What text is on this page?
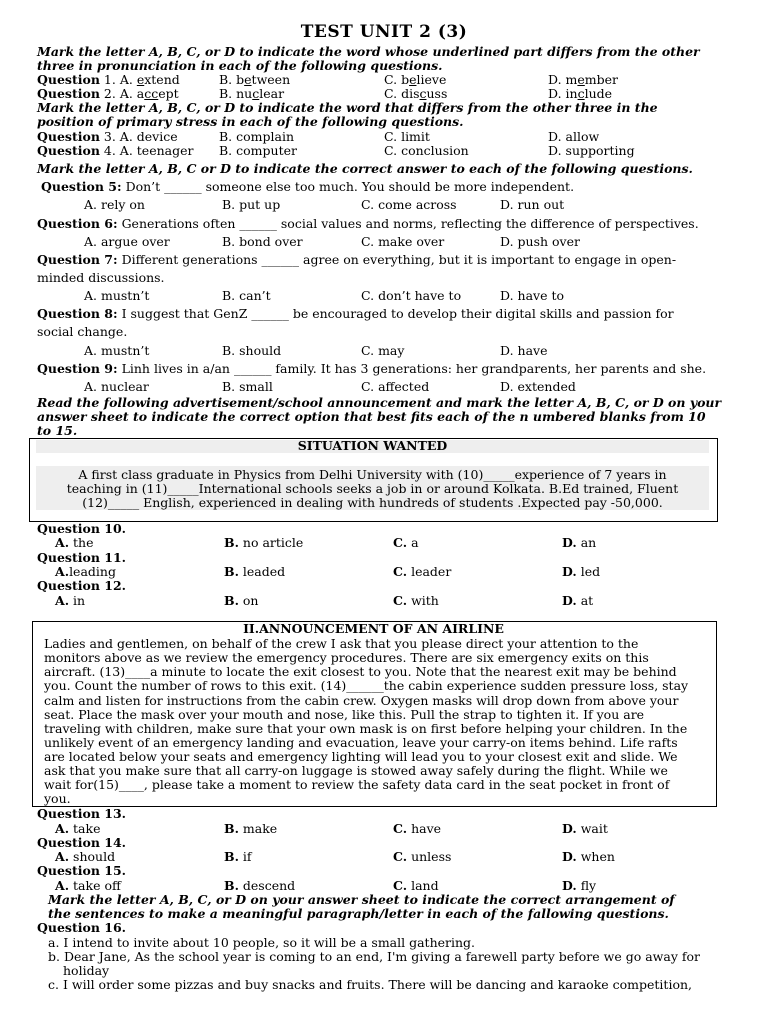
TEST UNIT 2 (3)
Mark the letter A, B, C, or D to indicate the word whose underlined part differs from the other
three in pronunciation in each of the following questions.
Question 1. A. extend	B. between	C. believe	D. member
Question 2. A. accept	B. nuclear	C. discuss	D. include
Mark the letter A, B, C, or D to indicate the word that differs from the other three in the
position of primary stress in each of the following questions.
Question 3. A. device	B. complain	C. limit	D. allow
Question 4. A. teenager B. computer	C. conclusion	D. supporting
Mark the letter A, B, C or D to indicate the correct answer to each of the following questions.
Question 5: Don’t ______ someone else too much. You should be more independent.
A. rely on	B. put up	C. come across	D. run out
Question 6: Generations often ______ social values and norms, reflecting the difference of perspectives.
A. argue over	B. bond over	C. make over	D. push over
Question 7: Different generations ______ agree on everything, but it is important to engage in open-
minded discussions.
A. mustn’t	B. can’t	C. don’t have to	D. have to
Question 8: I suggest that GenZ ______ be encouraged to develop their digital skills and passion for
social change.
A. mustn’t	B. should	C. may	D. have
Question 9: Linh lives in a/an ______ family. It has 3 generations: her grandparents, her parents and she.
A. nuclear	B. small	C. affected	D. extended
Read the following advertisement/school announcement and mark the letter A, B, C, or D on your
answer sheet to indicate the correct option that best fits each of the n umbered blanks from 10
to 15.
SITUATION WANTED
A first class graduate in Physics from Delhi University with (10)_____experience of 7 years in
teaching in (11)_____International schools seeks a job in or around Kolkata. B.Ed trained, Fluent
(12)_____ English, experienced in dealing with hundreds of students .Expected pay -50,000.
Question 10.
A. the	B. no article	C. a	D. an
Question 11.
A.leading	B. leaded	C. leader	D. led
Question 12.
A. in	B. on	C. with	D. at
II.ANNOUNCEMENT OF AN AIRLINE
Ladies and gentlemen, on behalf of the crew I ask that you please direct your attention to the
monitors above as we review the emergency procedures. There are six emergency exits on this
aircraft. (13)____a minute to locate the exit closest to you. Note that the nearest exit may be behind
you. Count the number of rows to this exit. (14)______the cabin experience sudden pressure loss, stay
calm and listen for instructions from the cabin crew. Oxygen masks will drop down from above your
seat. Place the mask over your mouth and nose, like this. Pull the strap to tighten it. If you are
traveling with children, make sure that your own mask is on first before helping your children. In the
unlikely event of an emergency landing and evacuation, leave your carry-on items behind. Life rafts
are located below your seats and emergency lighting will lead you to your closest exit and slide. We
ask that you make sure that all carry-on luggage is stowed away safely during the flight. While we
wait for(15)____, please take a moment to review the safety data card in the seat pocket in front of
you.
Question 13.
A. take	B. make	C. have	D. wait
Question 14.
A. should	B. if	C. unless	D. when
Question 15.
A. take off	B. descend	C. land	D. fly
Mark the letter A, B, C, or D on your answer sheet to indicate the correct arrangement of
the sentences to make a meaningful paragraph/letter in each of the fallowing questions.
Question 16.
a. I intend to invite about 10 people, so it will be a small gathering.
b. Dear Jane, As the school year is coming to an end, I'm giving a farewell party before we go away for
holiday
c. I will order some pizzas and buy snacks and fruits. There will be dancing and karaoke competition,
